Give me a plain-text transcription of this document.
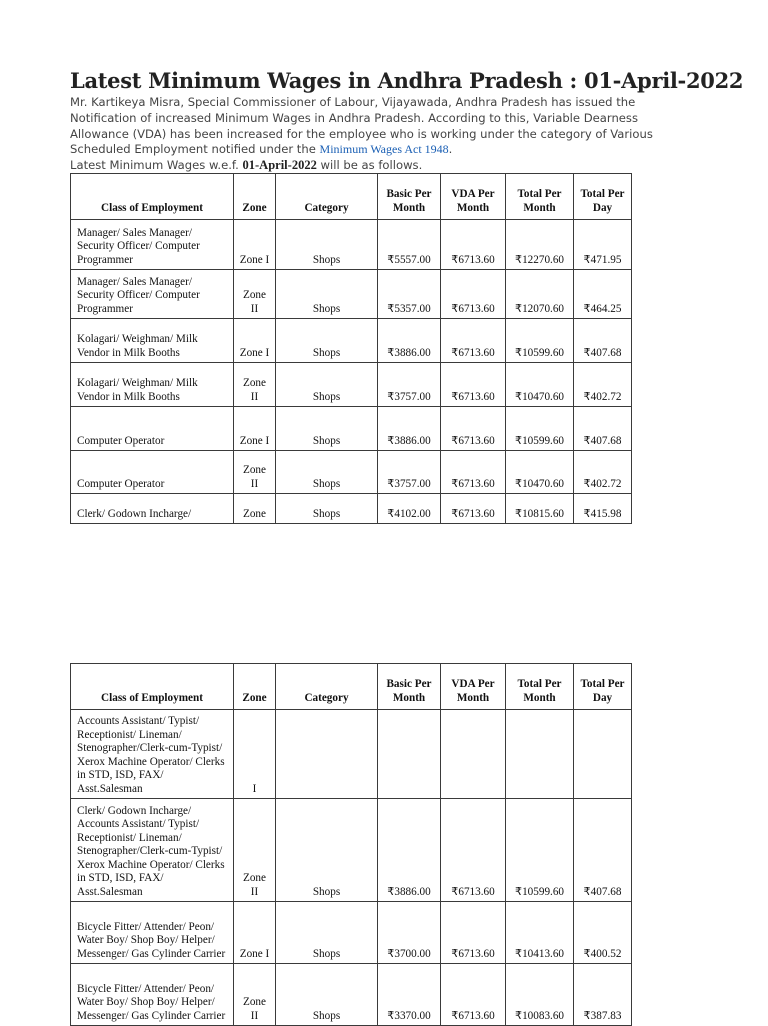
Latest Minimum Wages in Andhra Pradesh : 01-April-2022

Mr. Kartikeya Misra, Special Commissioner of Labour, Vijayawada, Andhra Pradesh has issued the Notification of increased Minimum Wages in Andhra Pradesh. According to this, Variable Dearness Allowance (VDA) has been increased for the employee who is working under the category of Various Scheduled Employment notified under the Minimum Wages Act 1948.

Latest Minimum Wages w.e.f. 01-April-2022 will be as follows.

Class of Employment	Zone	Category	Basic Per Month	VDA Per Month	Total Per Month	Total Per Day
Manager/ Sales Manager/ Security Officer/ Computer Programmer	Zone I	Shops	₹5557.00	₹6713.60	₹12270.60	₹471.95
Manager/ Sales Manager/ Security Officer/ Computer Programmer	Zone II	Shops	₹5357.00	₹6713.60	₹12070.60	₹464.25
Kolagari/ Weighman/ Milk Vendor in Milk Booths	Zone I	Shops	₹3886.00	₹6713.60	₹10599.60	₹407.68
Kolagari/ Weighman/ Milk Vendor in Milk Booths	Zone II	Shops	₹3757.00	₹6713.60	₹10470.60	₹402.72
Computer Operator	Zone I	Shops	₹3886.00	₹6713.60	₹10599.60	₹407.68
Computer Operator	Zone II	Shops	₹3757.00	₹6713.60	₹10470.60	₹402.72
Clerk/ Godown Incharge/	Zone	Shops	₹4102.00	₹6713.60	₹10815.60	₹415.98
Class of Employment	Zone	Category	Basic Per Month	VDA Per Month	Total Per Month	Total Per Day
Accounts Assistant/ Typist/ Receptionist/ Lineman/ Stenographer/Clerk-cum-Typist/ Xerox Machine Operator/ Clerks in STD, ISD, FAX/ Asst.Salesman	I					
Clerk/ Godown Incharge/ Accounts Assistant/ Typist/ Receptionist/ Lineman/ Stenographer/Clerk-cum-Typist/ Xerox Machine Operator/ Clerks in STD, ISD, FAX/ Asst.Salesman	Zone II	Shops	₹3886.00	₹6713.60	₹10599.60	₹407.68
Bicycle Fitter/ Attender/ Peon/ Water Boy/ Shop Boy/ Helper/ Messenger/ Gas Cylinder Carrier	Zone I	Shops	₹3700.00	₹6713.60	₹10413.60	₹400.52
Bicycle Fitter/ Attender/ Peon/ Water Boy/ Shop Boy/ Helper/ Messenger/ Gas Cylinder Carrier	Zone II	Shops	₹3370.00	₹6713.60	₹10083.60	₹387.83
